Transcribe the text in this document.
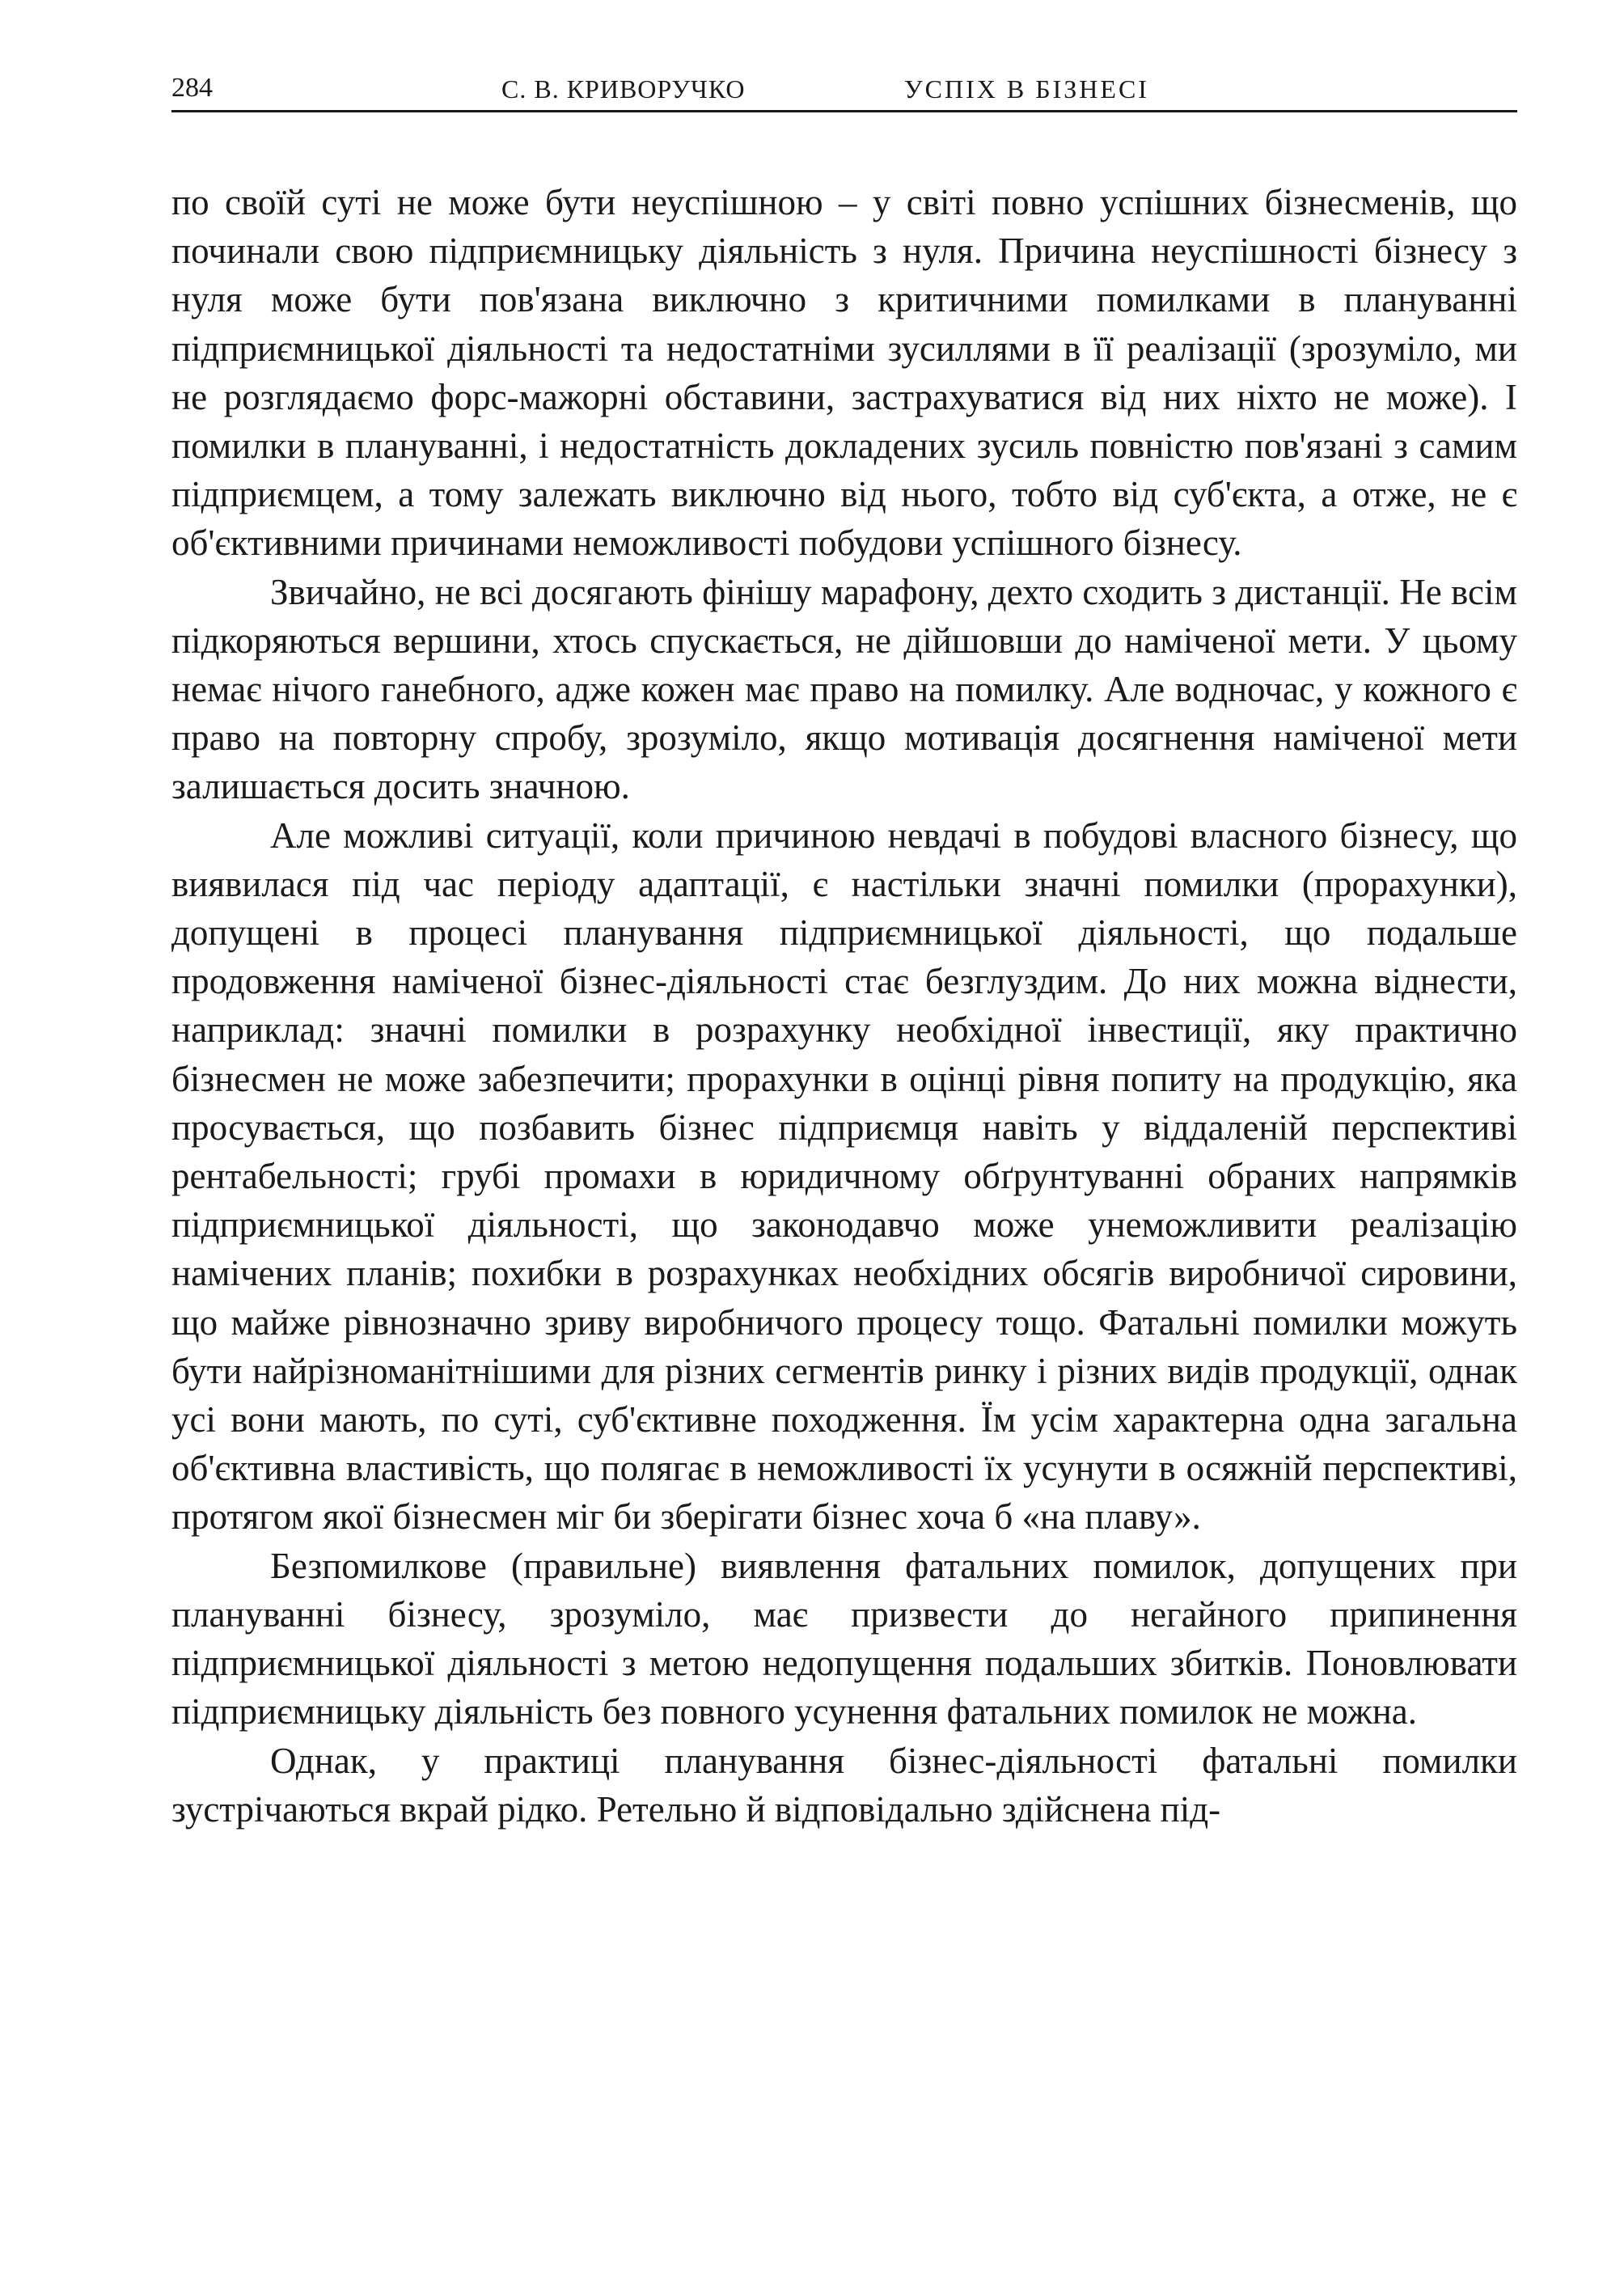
284	С. В. КРИВОРУЧКО	УСПІХ В БІЗНЕСІ

по своїй суті не може бути неуспішною – у світі повно успішних бізнесменів, що починали свою підприємницьку діяльність з нуля. Причина неуспішності бізнесу з нуля може бути пов'язана виключно з критичними помилками в плануванні підприємницької діяльності та недостатніми зусиллями в її реалізації (зрозуміло, ми не розглядаємо форс-мажорні обставини, застрахуватися від них ніхто не може). І помилки в плануванні, і недостатність докладених зусиль повністю пов'язані з самим підприємцем, а тому залежать виключно від нього, тобто від суб'єкта, а отже, не є об'єктивними причинами неможливості побудови успішного бізнесу.

Звичайно, не всі досягають фінішу марафону, дехто сходить з дистанції. Не всім підкоряються вершини, хтось спускається, не дійшовши до наміченої мети. У цьому немає нічого ганебного, адже кожен має право на помилку. Але водночас, у кожного є право на повторну спробу, зрозуміло, якщо мотивація досягнення наміченої мети залишається досить значною.

Але можливі ситуації, коли причиною невдачі в побудові власного бізнесу, що виявилася під час періоду адаптації, є настільки значні помилки (прорахунки), допущені в процесі планування підприємницької діяльності, що подальше продовження наміченої бізнес-діяльності стає безглуздим. До них можна віднести, наприклад: значні помилки в розрахунку необхідної інвестиції, яку практично бізнесмен не може забезпечити; прорахунки в оцінці рівня попиту на продукцію, яка просувається, що позбавить бізнес підприємця навіть у віддаленій перспективі рентабельності; грубі промахи в юридичному обґрунтуванні обраних напрямків підприємницької діяльності, що законодавчо може унеможливити реалізацію намічених планів; похибки в розрахунках необхідних обсягів виробничої сировини, що майже рівнозначно зриву виробничого процесу тощо. Фатальні помилки можуть бути найрізноманітнішими для різних сегментів ринку і різних видів продукції, однак усі вони мають, по суті, суб'єктивне походження. Їм усім характерна одна загальна об'єктивна властивість, що полягає в неможливості їх усунути в осяжній перспективі, протягом якої бізнесмен міг би зберігати бізнес хоча б «на плаву».

Безпомилкове (правильне) виявлення фатальних помилок, допущених при плануванні бізнесу, зрозуміло, має призвести до негайного припинення підприємницької діяльності з метою недопущення подальших збитків. Поновлювати підприємницьку діяльність без повного усунення фатальних помилок не можна.

Однак, у практиці планування бізнес-діяльності фатальні помилки зустрічаються вкрай рідко. Ретельно й відповідально здійснена під-
